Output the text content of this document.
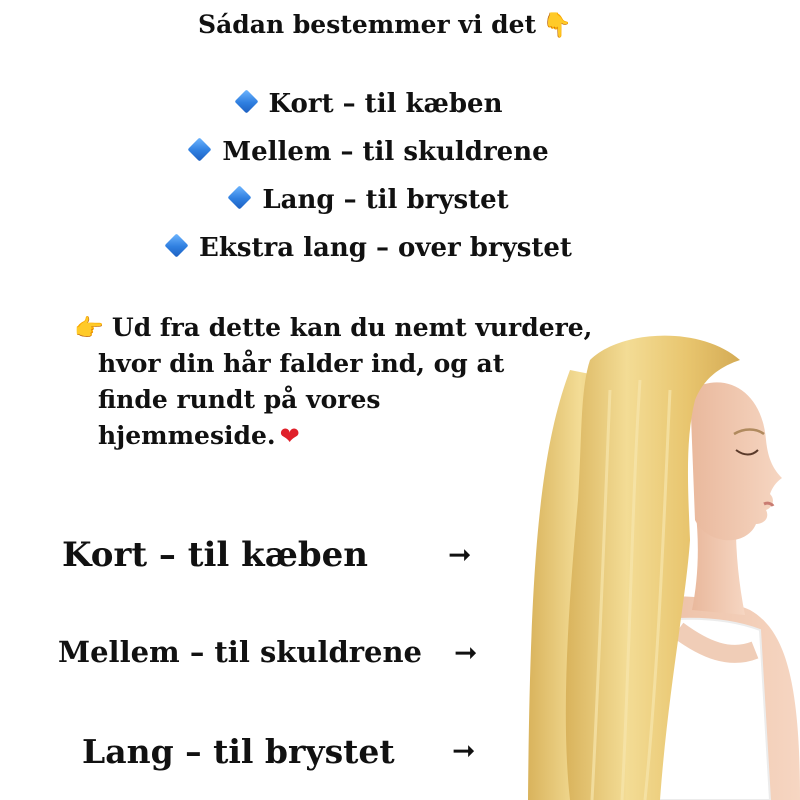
Sádan bestemmer vi det 👇
Kort – til kæben
Mellem – til skuldrene
Lang – til brystet
Ekstra lang – over brystet
👉 Ud fra dette kan du nemt vurdere,
hvor din hår falder ind, og at
finde rundt på vores
hjemmeside. ❤
Kort – til kæben	➞
Mellem – til skuldrene ➞
Lang – til brystet ➞
